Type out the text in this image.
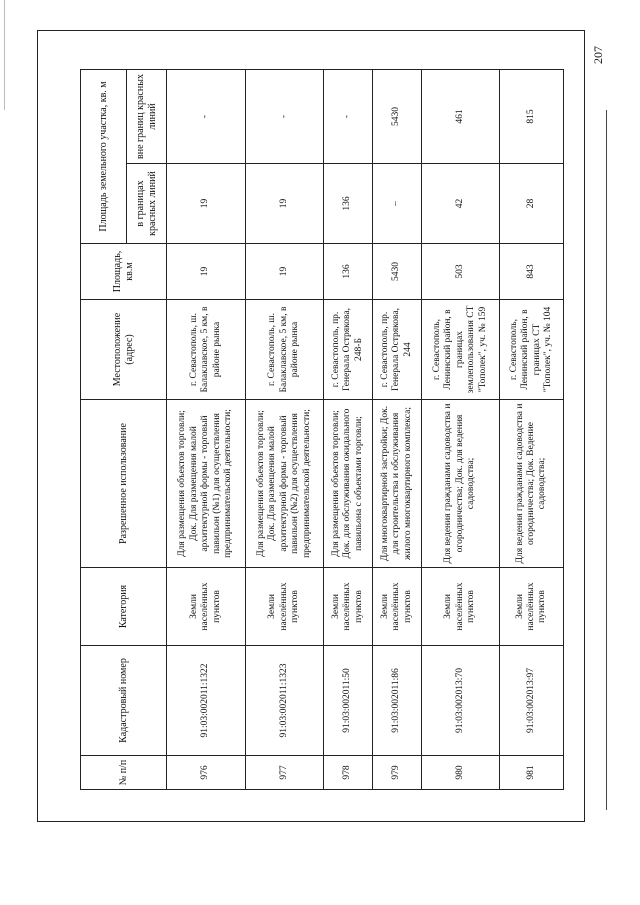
207
№ п/п	Кадастровый номер	Категория	Разрешенное использование	Местоположение (адрес)	Площадь, кв.м	Площадь земельного участка, кв. м	
						в границах красных линий	вне границ красных линий
976	91:03:002011:1322	Земли населённых пунктов	Для размещения объектов торговли; Док. Для размещения малой архитектурной формы - торговый павильон (№1) для осуществления предпринимательской деятельности;	г. Севастополь, ш. Балаклавское, 5 км, в районе рынка	19	19	-
977	91:03:002011:1323	Земли населённых пунктов	Для размещения объектов торговли; Док. Для размещения малой архитектурной формы - торговый павильон (№2) для осуществления предпринимательской деятельности;	г. Севастополь, ш. Балаклавское, 5 км, в районе рынка	19	19	-
978	91:03:002011:50	Земли населённых пунктов	Для размещения объектов торговли; Док. для обслуживания ожидального павильона с объектами торговли;	г. Севастополь, пр. Генерала Острякова, 248-Б	136	136	-
979	91:03:002011:86	Земли населённых пунктов	Для многоквартирной застройки; Док. для строительства и обслуживания жилого многоквартирного комплекса;	г. Севастополь, пр. Генерала Острякова, 244	5430	–	5430
980	91:03:002013:70	Земли населённых пунктов	Для ведения гражданами садоводства и огородничества; Док. для ведения садоводства;	г. Севастополь, Ленинский район, в границах землепользования СТ "Тополек", уч. № 159	503	42	461
981	91:03:002013:97	Земли населённых пунктов	Для ведения гражданами садоводства и огородничества; Док. Ведение садоводства;	г. Севастополь, Ленинский район, в границах СТ "Тополек", уч. № 104	843	28	815
